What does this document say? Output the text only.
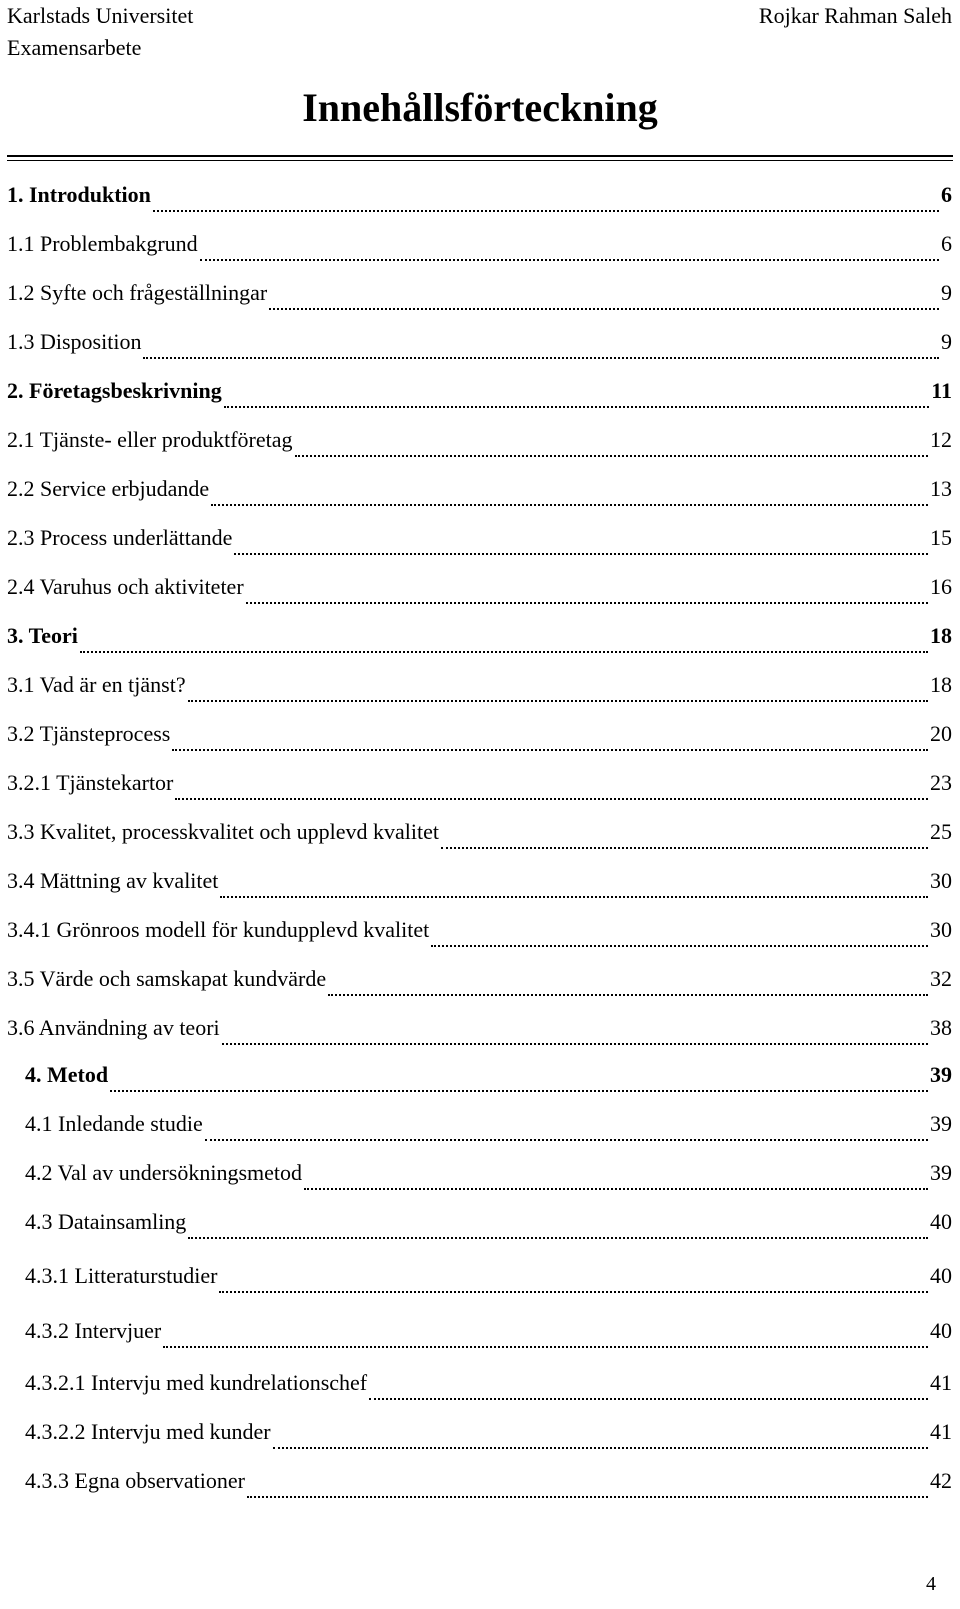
Karlstads Universitet
Examensarbete
Rojkar Rahman Saleh
Innehållsförteckning
1. Introduktion	6
1.1 Problembakgrund	6
1.2 Syfte och frågeställningar	9
1.3 Disposition	9
2. Företagsbeskrivning	11
2.1 Tjänste- eller produktföretag	12
2.2 Service erbjudande	13
2.3 Process underlättande	15
2.4 Varuhus och aktiviteter	16
3. Teori	18
3.1 Vad är en tjänst?	18
3.2 Tjänsteprocess	20
3.2.1 Tjänstekartor	23
3.3 Kvalitet, processkvalitet och upplevd kvalitet	25
3.4 Mättning av kvalitet	30
3.4.1 Grönroos modell för kundupplevd kvalitet	30
3.5 Värde och samskapat kundvärde	32
3.6 Användning av teori	38
4. Metod	39
4.1 Inledande studie	39
4.2 Val av undersökningsmetod	39
4.3 Datainsamling	40
4.3.1 Litteraturstudier	40
4.3.2 Intervjuer	40
4.3.2.1 Intervju med kundrelationschef	41
4.3.2.2 Intervju med kunder	41
4.3.3 Egna observationer	42
4
